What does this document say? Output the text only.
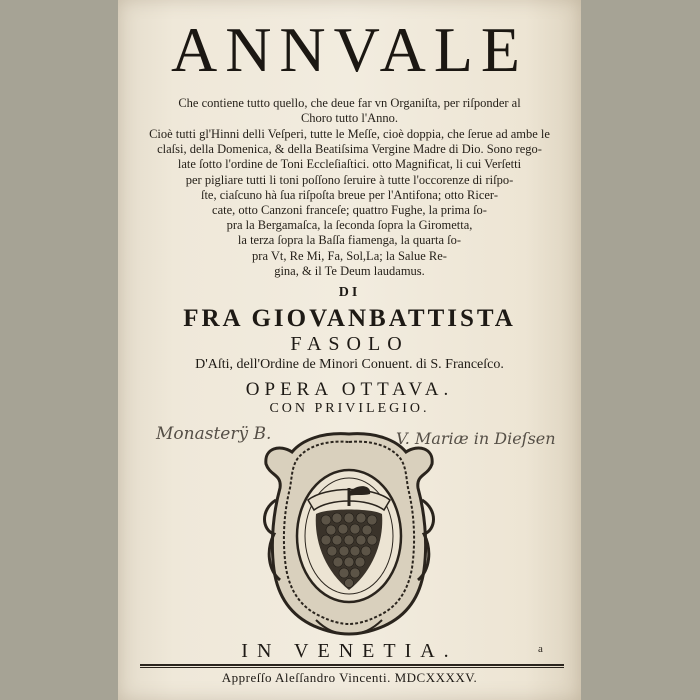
ANNVALE
Che contiene tutto quello, che deue far vn Organiſta, per riſponder al
Choro tutto l'Anno.
Cioè tutti gl'Hinni delli Veſperi, tutte le Meſſe, cioè doppia, che ſerue ad ambe le
claſsi, della Domenica, & della Beatiſsima Vergine Madre di Dio. Sono rego-
late ſotto l'ordine de Toni Eccleſiaſtici. otto Magnificat, li cui Verſetti
per pigliare tutti li toni poſſono ſeruire à tutte l'occorenze di riſpo-
ſte, ciaſcuno hà ſua riſpoſta breue per l'Antifona; otto Ricer-
cate, otto Canzoni franceſe; quattro Fughe, la prima ſo-
pra la Bergamaſca, la ſeconda ſopra la Girometta,
la terza ſopra la Baſſa fiamenga, la quarta ſo-
pra Vt, Re Mi, Fa, Sol,La; la Salue Re-
gina, & il Te Deum laudamus.
DI
FRA GIOVANBATTISTA
FASOLO
D'Aſti, dell'Ordine de Minori Conuent. di S. Franceſco.
OPERA OTTAVA.
CON PRIVILEGIO.
Monasterÿ B.	V. Mariæ in Dieſsen
IN VENETIA.	a
Appreſſo Aleſſandro Vincenti. MDCXXXXV.
